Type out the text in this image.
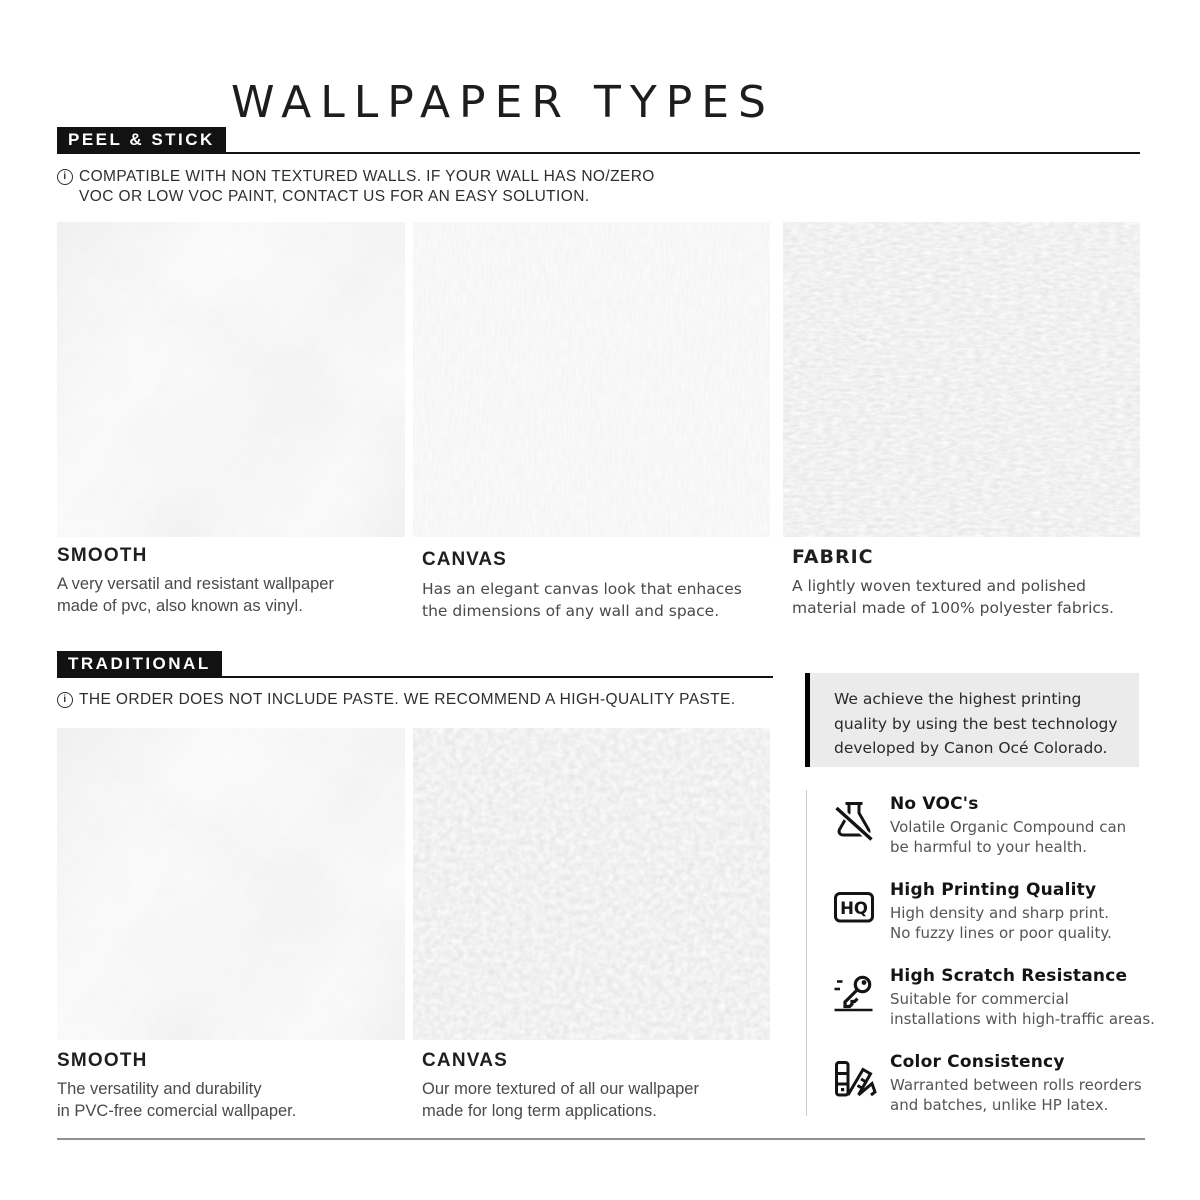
WALLPAPER TYPES
PEEL & STICK
i COMPATIBLE WITH NON TEXTURED WALLS. IF YOUR WALL HAS NO/ZERO
VOC OR LOW VOC PAINT, CONTACT US FOR AN EASY SOLUTION.
SMOOTH
A very versatil and resistant wallpaper
made of pvc, also known as vinyl.
CANVAS
Has an elegant canvas look that enhaces
the dimensions of any wall and space.
FABRIC
A lightly woven textured and polished
material made of 100% polyester fabrics.
TRADITIONAL
i THE ORDER DOES NOT INCLUDE PASTE. WE RECOMMEND A HIGH-QUALITY PASTE.
SMOOTH
The versatility and durability
in PVC-free comercial wallpaper.
CANVAS
Our more textured of all our wallpaper
made for long term applications.
We achieve the highest printing
quality by using the best technology
developed by Canon Océ Colorado.
No VOC's
Volatile Organic Compound can
be harmful to your health.
HQ
High Printing Quality
High density and sharp print.
No fuzzy lines or poor quality.
High Scratch Resistance
Suitable for commercial
installations with high-traffic areas.
Color Consistency
Warranted between rolls reorders
and batches, unlike HP latex.
